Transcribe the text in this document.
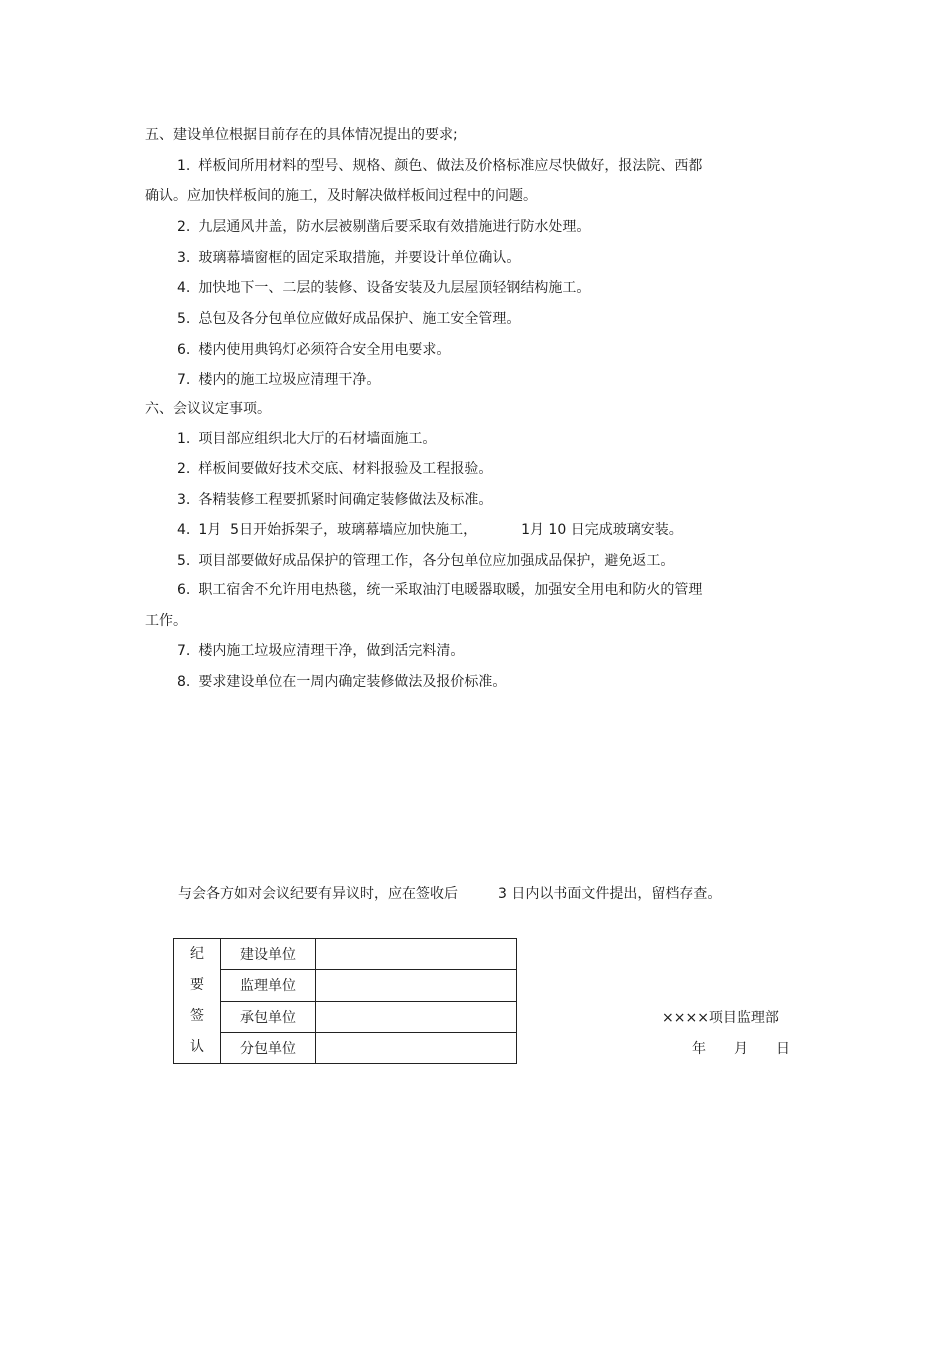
五、建设单位根据目前存在的具体情况提出的要求;
1. 样板间所用材料的型号、规格、颜色、做法及价格标准应尽快做好，报法院、西都
确认。应加快样板间的施工，及时解决做样板间过程中的问题。
2. 九层通风井盖，防水层被剔凿后要采取有效措施进行防水处理。
3. 玻璃幕墙窗框的固定采取措施，并要设计单位确认。
4. 加快地下一、二层的装修、设备安装及九层屋顶轻钢结构施工。
5. 总包及各分包单位应做好成品保护、施工安全管理。
6. 楼内使用典钨灯必须符合安全用电要求。
7. 楼内的施工垃圾应清理干净。
六、会议议定事项。
1. 项目部应组织北大厅的石材墙面施工。
2. 样板间要做好技术交底、材料报验及工程报验。
3. 各精装修工程要抓紧时间确定装修做法及标准。
4. 1月  5日开始拆架子，玻璃幕墙应加快施工，	1月 10 日完成玻璃安装。
5. 项目部要做好成品保护的管理工作，各分包单位应加强成品保护，避免返工。
6. 职工宿舍不允许用电热毯，统一采取油汀电暖器取暖，加强安全用电和防火的管理
工作。
7. 楼内施工垃圾应清理干净，做到活完料清。
8. 要求建设单位在一周内确定装修做法及报价标准。
与会各方如对会议纪要有异议时，应在签收后	3 日内以书面文件提出，留档存查。
纪
要
签
认	建设单位	
	监理单位	
	承包单位	
	分包单位	
××××项目监理部
年 月 日
